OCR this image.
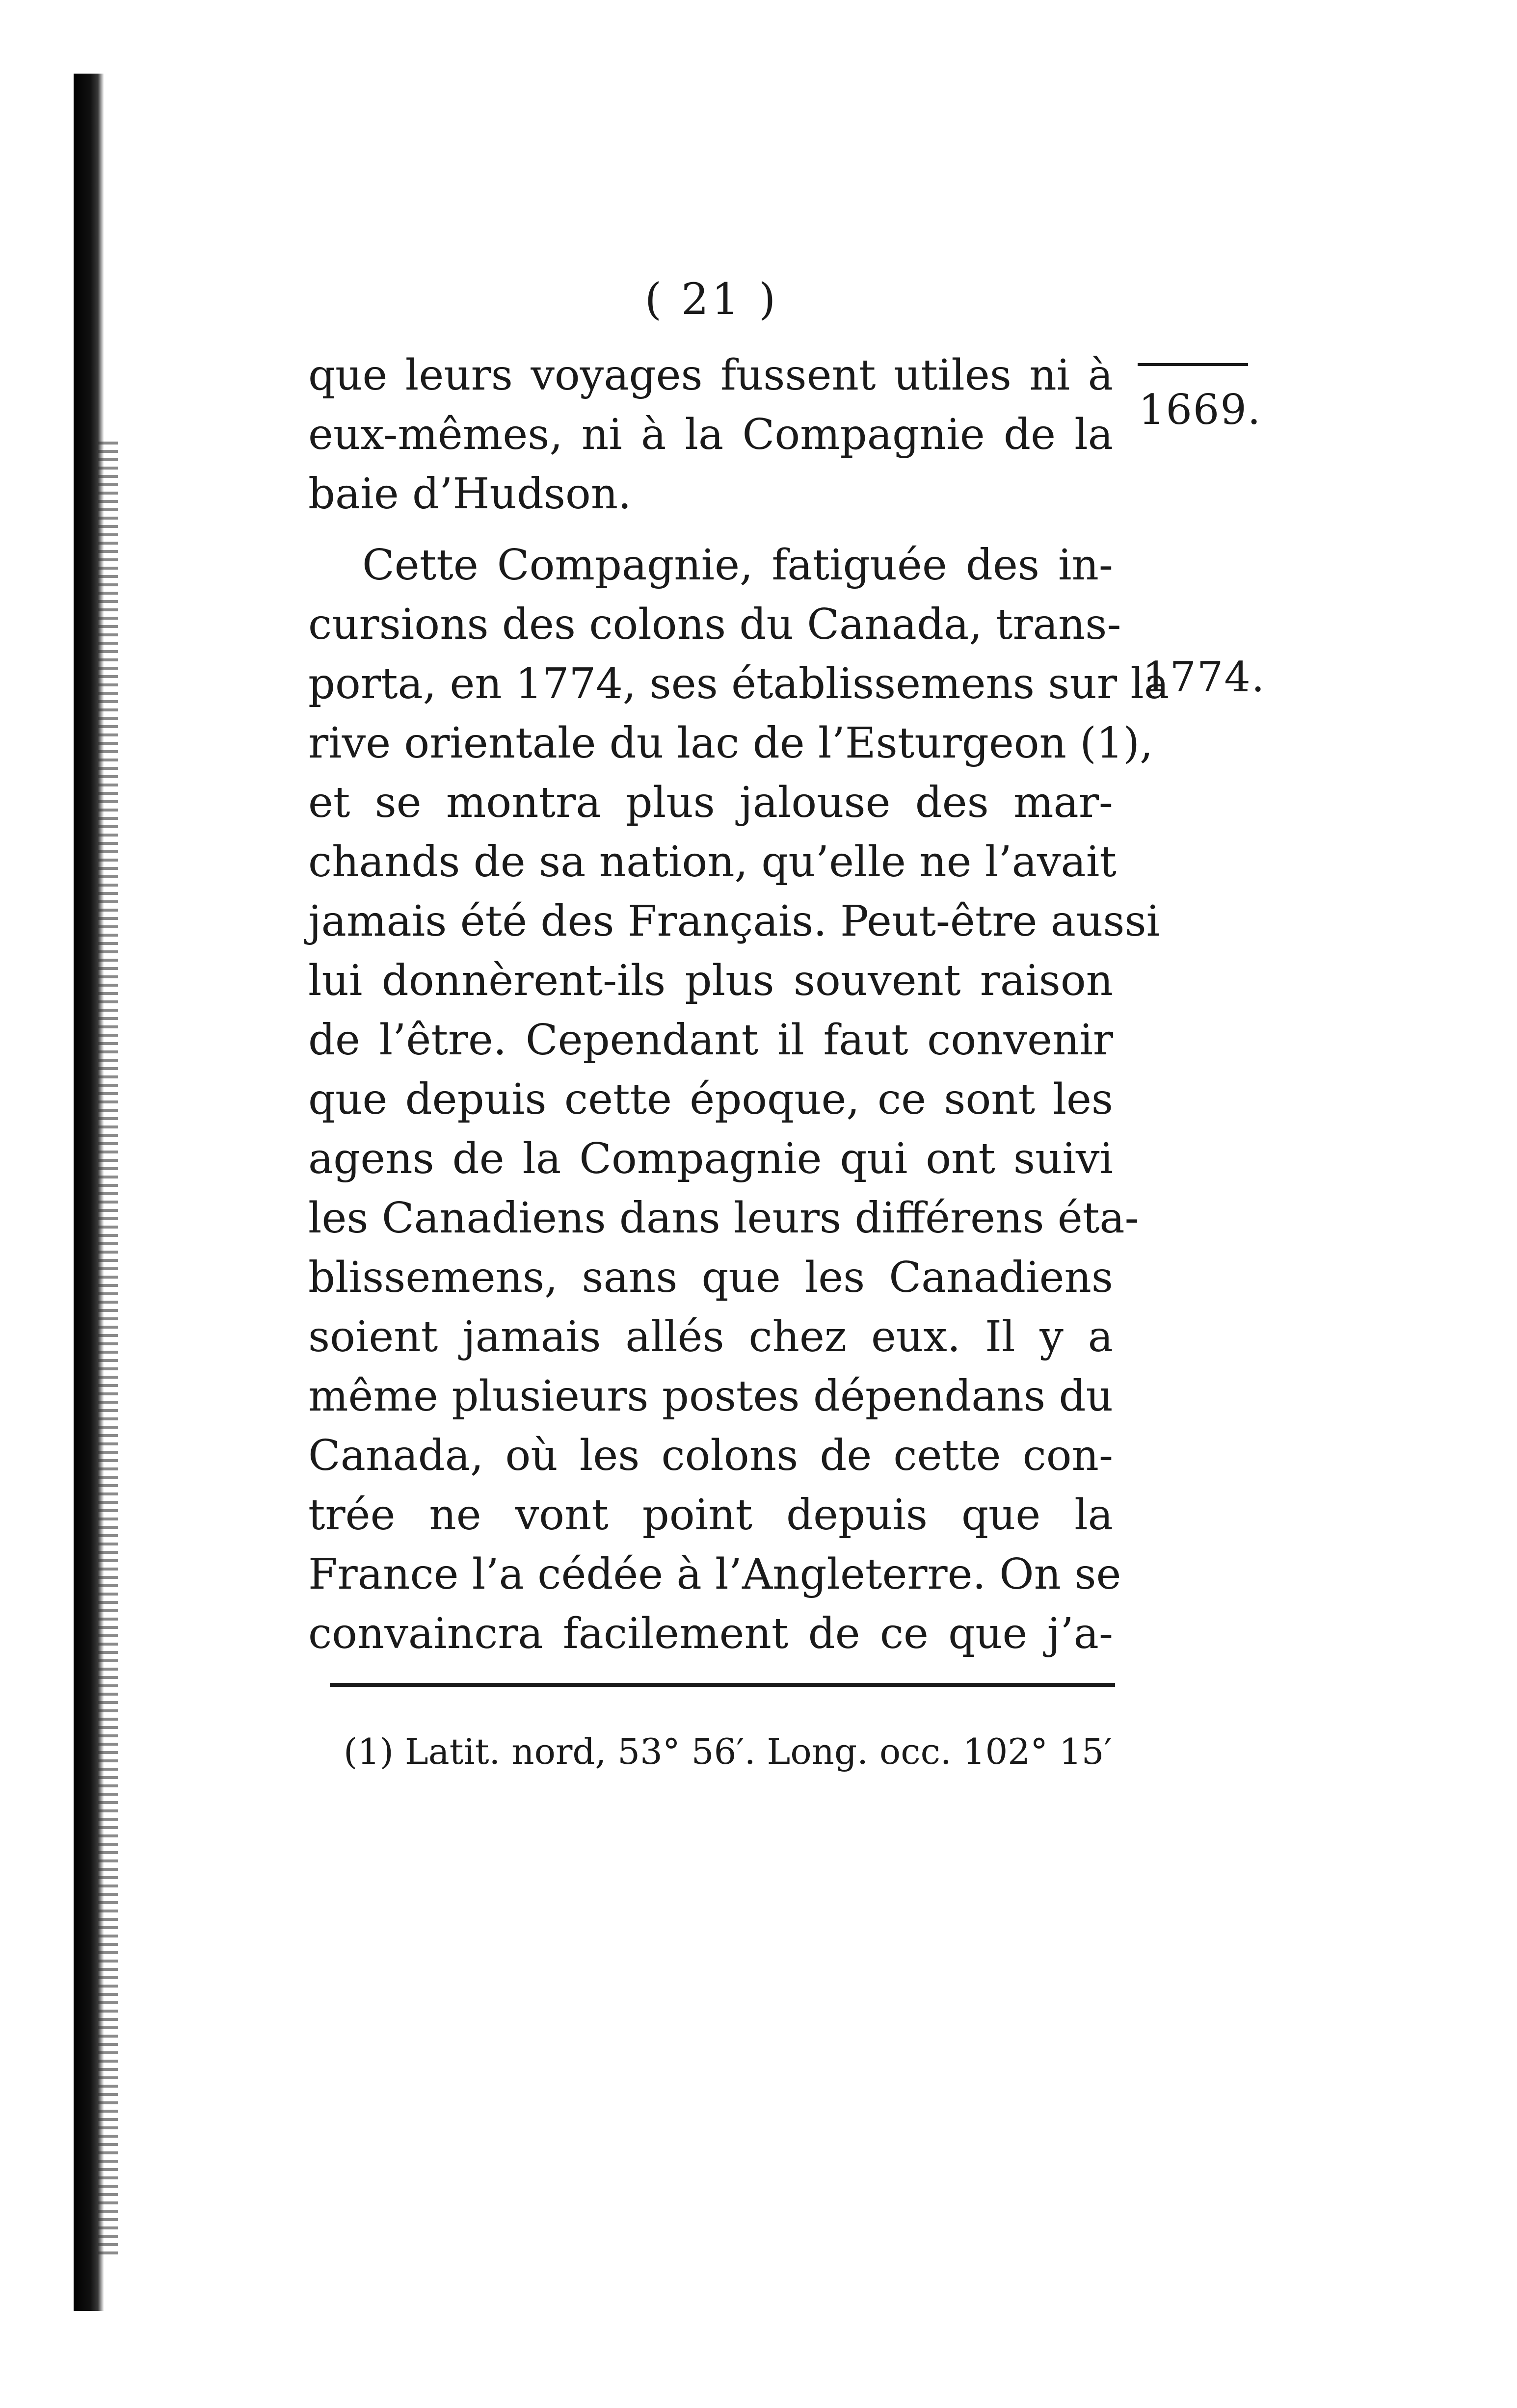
( 21 )
1669.
1774.
que leurs voyages fussent utiles ni à
eux-mêmes, ni à la Compagnie de la
baie d’Hudson.
Cette Compagnie, fatiguée des in-
cursions des colons du Canada, trans-
porta, en 1774, ses établissemens sur la
rive orientale du lac de l’Esturgeon (1),
et se montra plus jalouse des mar-
chands de sa nation, qu’elle ne l’avait
jamais été des Français. Peut-être aussi
lui donnèrent-ils plus souvent raison
de l’être. Cependant il faut convenir
que depuis cette époque, ce sont les
agens de la Compagnie qui ont suivi
les Canadiens dans leurs différens éta-
blissemens, sans que les Canadiens
soient jamais allés chez eux. Il y a
même plusieurs postes dépendans du
Canada, où les colons de cette con-
trée ne vont point depuis que la
France l’a cédée à l’Angleterre. On se
convaincra facilement de ce que j’a-
(1) Latit. nord, 53° 56′. Long. occ. 102° 15′
